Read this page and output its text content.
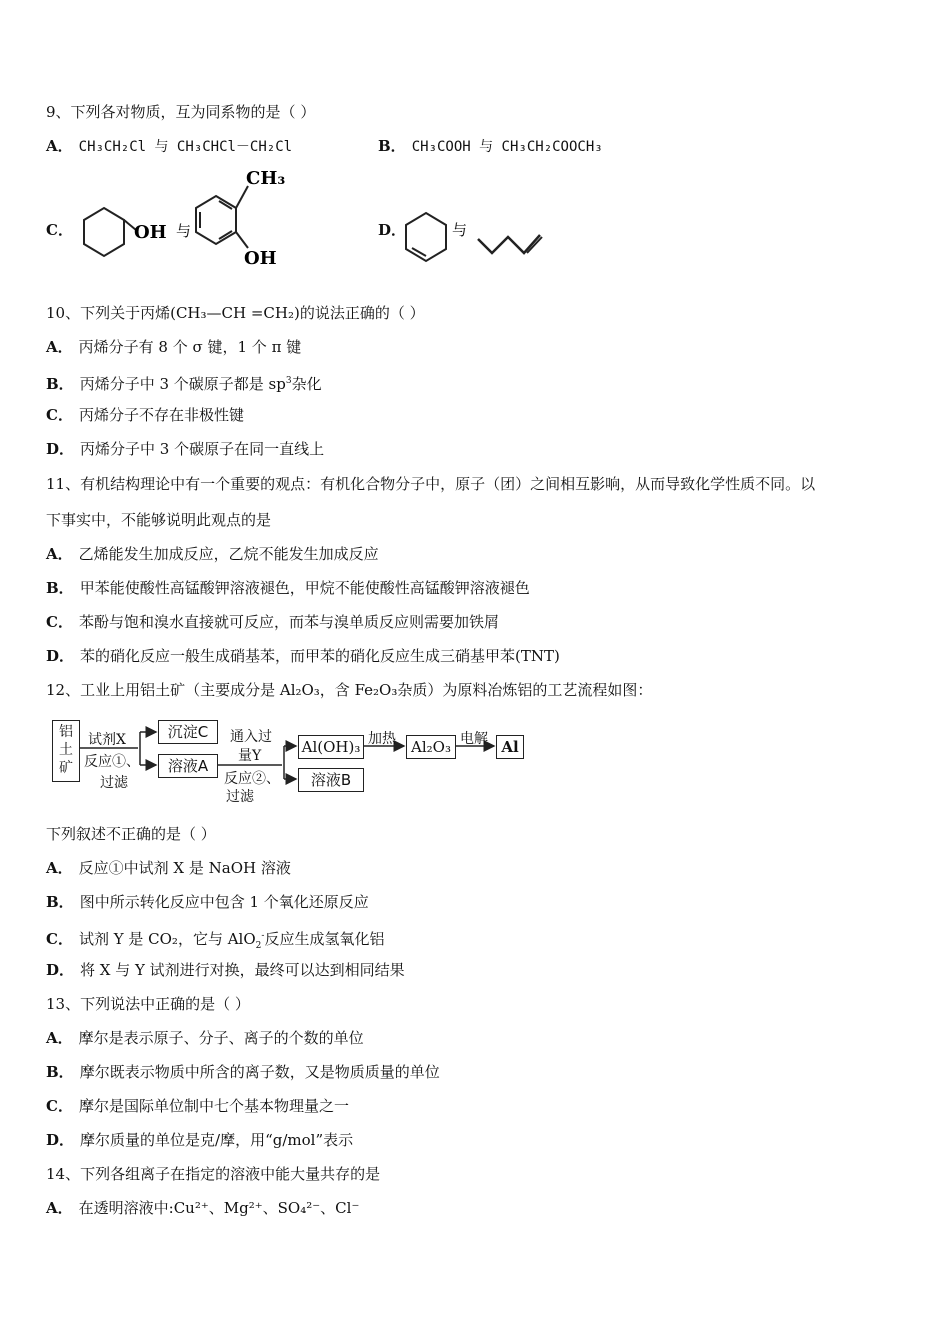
9、下列各对物质，互为同系物的是（ ）
A． CH₃CH₂Cl 与 CH₃CHCl－CH₂Cl	B． CH₃COOH 与 CH₃CH₂COOCH₃
C．	OH 与
CH₃
OH
D．	与
10、下列关于丙烯(CH₃—CH =CH₂)的说法正确的（ ）
A． 丙烯分子有 8 个 σ 键，1 个 π 键
B． 丙烯分子中 3 个碳原子都是 $sp^3$杂化
C． 丙烯分子不存在非极性键
D． 丙烯分子中 3 个碳原子在同一直线上
11、有机结构理论中有一个重要的观点：有机化合物分子中，原子（团）之间相互影响，从而导致化学性质不同。以
下事实中，不能够说明此观点的是
A． 乙烯能发生加成反应，乙烷不能发生加成反应
B． 甲苯能使酸性高锰酸钾溶液褪色，甲烷不能使酸性高锰酸钾溶液褪色
C． 苯酚与饱和溴水直接就可反应，而苯与溴单质反应则需要加铁屑
D． 苯的硝化反应一般生成硝基苯，而甲苯的硝化反应生成三硝基甲苯(TNT)
12、工业上用铝土矿（主要成分是 Al₂O₃，含 Fe₂O₃杂质）为原料冶炼铝的工艺流程如图：
铝土矿
试剂X
反应①、
过滤
沉淀C
溶液A
通入过
量Y
反应②、
过滤
Al(OH)₃
溶液B
加热	Al₂O₃ 电解 Al
下列叙述不正确的是（ ）
A． 反应①中试剂 X 是 NaOH 溶液
B． 图中所示转化反应中包含 1 个氧化还原反应
C． 试剂 Y 是 CO₂，它与 AlO$_2$-反应生成氢氧化铝
D． 将 X 与 Y 试剂进行对换，最终可以达到相同结果
13、下列说法中正确的是（ ）
A． 摩尔是表示原子、分子、离子的个数的单位
B． 摩尔既表示物质中所含的离子数，又是物质质量的单位
C． 摩尔是国际单位制中七个基本物理量之一
D． 摩尔质量的单位是克/摩，用“g/mol”表示
14、下列各组离子在指定的溶液中能大量共存的是
A． 在透明溶液中:Cu²⁺、Mg²⁺、SO₄²⁻、Cl⁻
